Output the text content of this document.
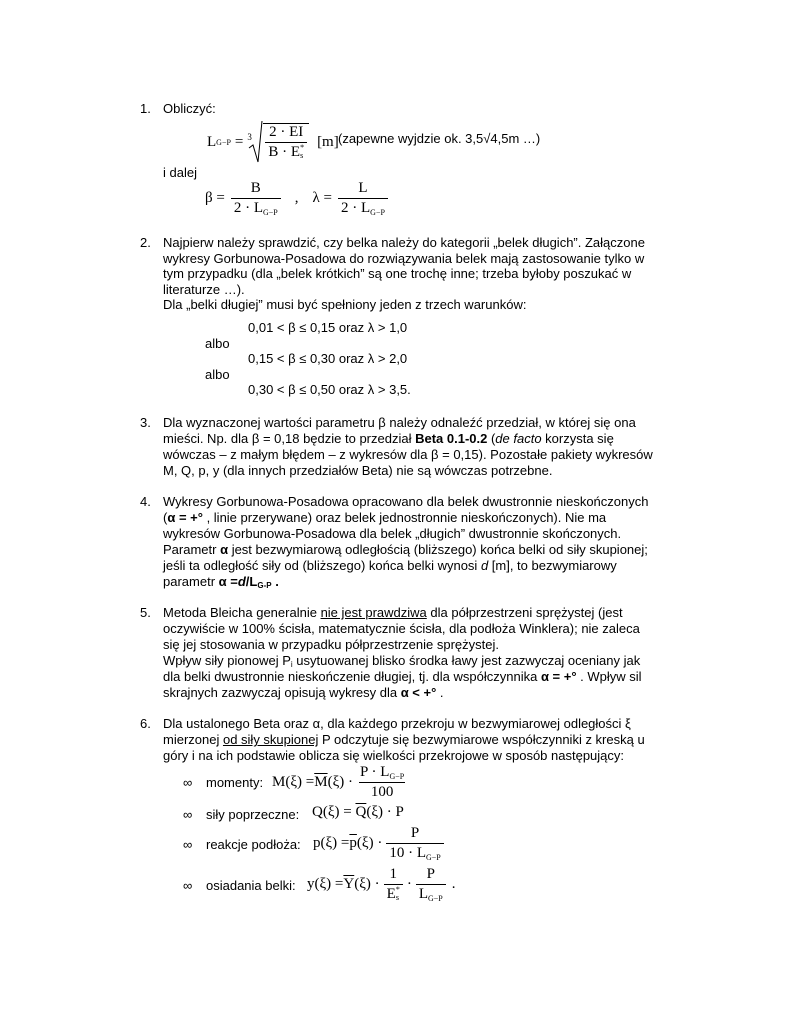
1. Obliczyć:
L G−P = 3 2 · EI
B · E *
s [m] (zapewne wyjdzie ok. 3,5√4,5m …)
i dalej
$\beta = \frac{B}{2 \cdot L_{G-P}}$ , $\lambda = \frac{L}{2 \cdot L_{G-P}}$
2. Najpierw należy sprawdzić, czy belka należy do kategorii „belek długich”. Załączone
wykresy Gorbunowa-Posadowa do rozwiązywania belek mają zastosowanie tylko w
tym przypadku (dla „belek krótkich” są one trochę inne; trzeba byłoby poszukać w
literaturze …).
Dla „belki długiej” musi być spełniony jeden z trzech warunków:
0,01 < β ≤ 0,15 oraz λ > 1,0
albo
0,15 < β ≤ 0,30 oraz λ > 2,0
albo
0,30 < β ≤ 0,50 oraz λ > 3,5.
3. Dla wyznaczonej wartości parametru β należy odnaleźć przedział, w której się ona
mieści. Np. dla β = 0,18 będzie to przedział Beta 0.1-0.2 (de facto korzysta się
wówczas – z małym błędem – z wykresów dla β = 0,15). Pozostałe pakiety wykresów
M, Q, p, y (dla innych przedziałów Beta) nie są wówczas potrzebne.
4. Wykresy Gorbunowa-Posadowa opracowano dla belek dwustronnie nieskończonych
(α = +° , linie przerywane) oraz belek jednostronnie nieskończonych). Nie ma
wykresów Gorbunowa-Posadowa dla belek „długich” dwustronnie skończonych.
Parametr α jest bezwymiarową odległością (bliższego) końca belki od siły skupionej;
jeśli ta odległość siły od (bliższego) końca belki wynosi d [m], to bezwymiarowy
parametr α =d/LG-P .
5. Metoda Bleicha generalnie nie jest prawdziwa dla półprzestrzeni sprężystej (jest
oczywiście w 100% ścisła, matematycznie ścisła, dla podłoża Winklera); nie zaleca
się jej stosowania w przypadku półprzestrzenie sprężystej.
Wpływ siły pionowej Pi usytuowanej blisko środka ławy jest zazwyczaj oceniany jak
dla belki dwustronnie nieskończenie długiej, tj. dla współczynnika α = +° . Wpływ sil
skrajnych zazwyczaj opisują wykresy dla α < +° .
6. Dla ustalonego Beta oraz α, dla każdego przekroju w bezwymiarowej odległości ξ
mierzonej od siły skupionej P odczytuje się bezwymiarowe współczynniki z kreską u
góry i na ich podstawie oblicza się wielkości przekrojowe w sposób następujący:
∞ momenty: $M(\xi) = \overline{M}$ $(\xi) \cdot \frac{P \cdot L_{G-P}}{100}$
∞ siły poprzeczne: $Q(\xi) = \overline{Q}(\xi) \cdot P$
∞ reakcje podłoża: $p(\xi) = \overline{p}$ $(\xi) \cdot \frac{P}{10 \cdot L_{G-P}}$
∞ osiadania belki: $y(\xi) = \overline{Y}$ (ξ) · 1
E *
$s \cdot \frac{P}{L_{G-P}}$ .
